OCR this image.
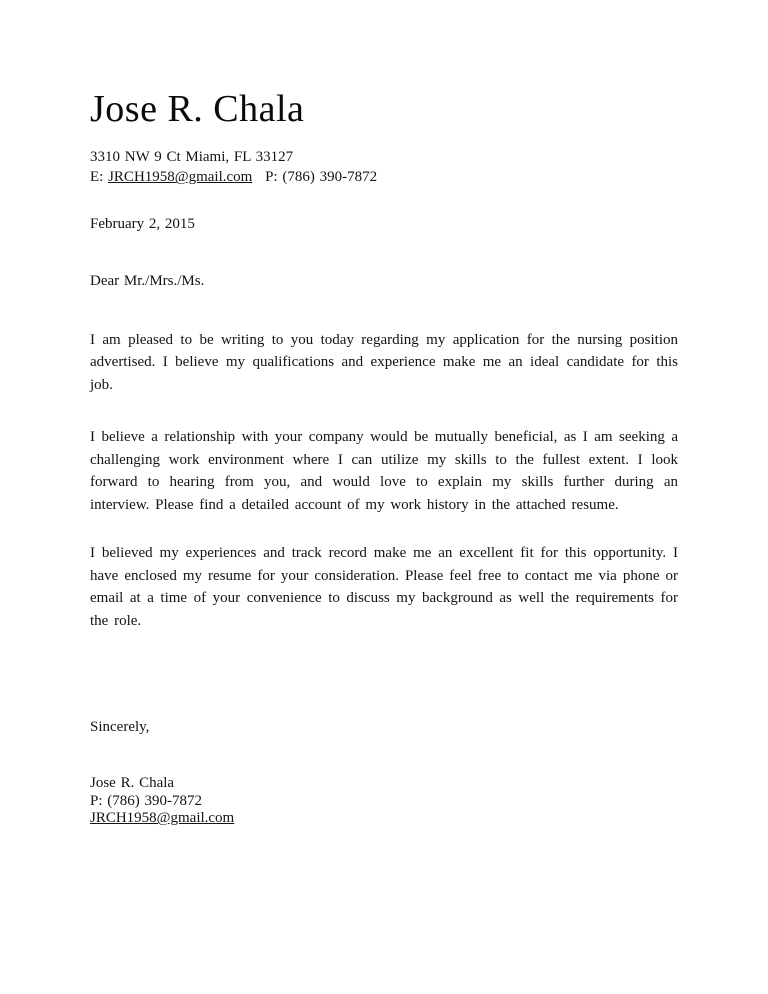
Jose R. Chala

3310 NW 9 Ct Miami, FL 33127

E: JRCH1958@gmail.com P: (786) 390-7872

February 2, 2015

Dear Mr./Mrs./Ms.

I am pleased to be writing to you today regarding my application for the nursing position advertised. I believe my qualifications and experience make me an ideal candidate for this job.

I believe a relationship with your company would be mutually beneficial, as I am seeking a challenging work environment where I can utilize my skills to the fullest extent. I look forward to hearing from you, and would love to explain my skills further during an interview. Please find a detailed account of my work history in the attached resume.

I believed my experiences and track record make me an excellent fit for this opportunity. I have enclosed my resume for your consideration. Please feel free to contact me via phone or email at a time of your convenience to discuss my background as well the requirements for the role.

Sincerely,

Jose R. Chala

P: (786) 390-7872

JRCH1958@gmail.com
